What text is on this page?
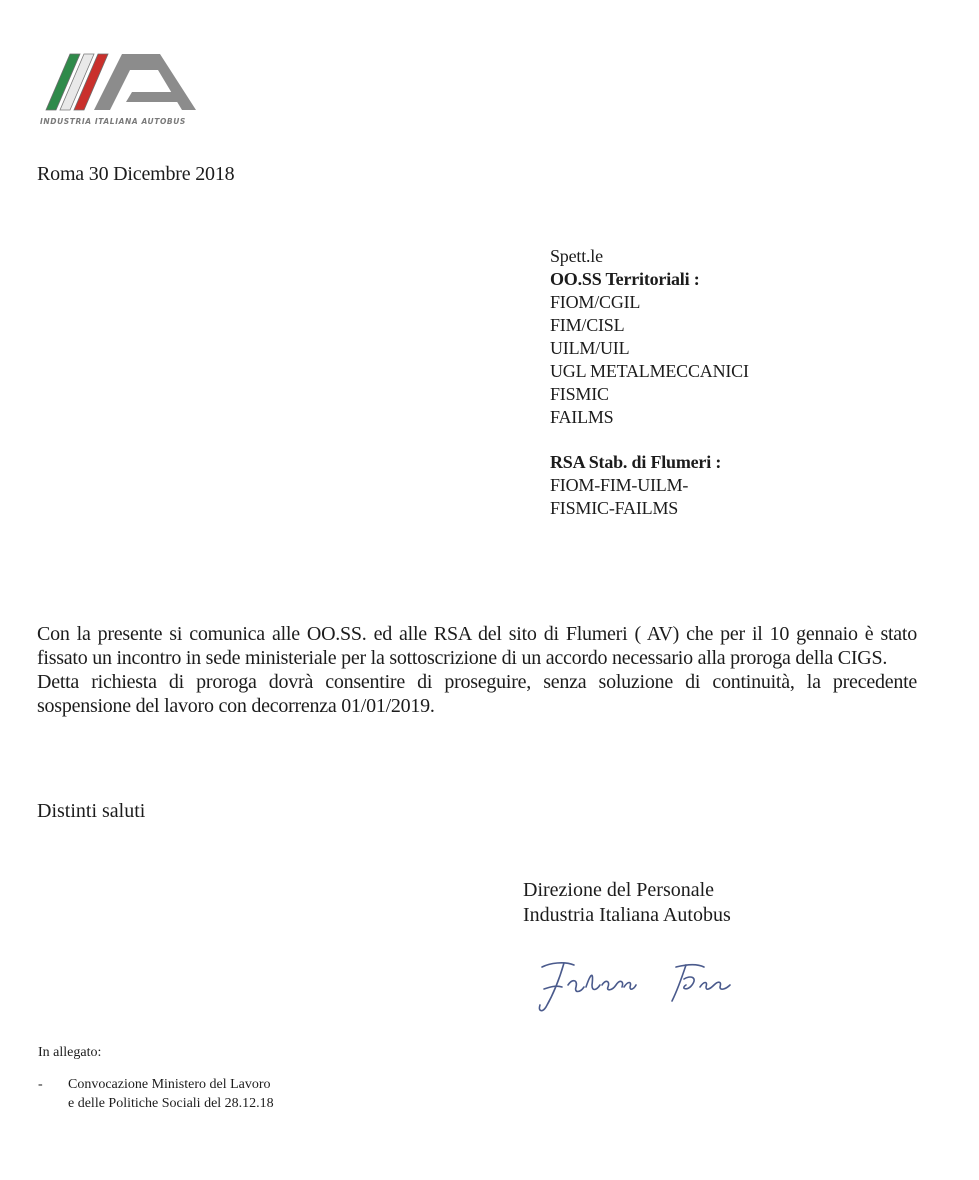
INDUSTRIA ITALIANA AUTOBUS
Roma 30 Dicembre 2018
Spett.le
OO.SS Territoriali :
FIOM/CGIL
FIM/CISL
UILM/UIL
UGL METALMECCANICI
FISMIC
FAILMS
RSA Stab. di Flumeri :
FIOM-FIM-UILM-
FISMIC-FAILMS

Con la presente si comunica alle OO.SS. ed alle RSA del sito di Flumeri ( AV) che per il 10 gennaio è stato fissato un incontro in sede ministeriale per la sottoscrizione di un accordo necessario alla proroga della CIGS.

Detta richiesta di proroga dovrà consentire di proseguire, senza soluzione di continuità, la precedente sospensione del lavoro con decorrenza 01/01/2019.

Distinti saluti
Direzione del Personale
Industria Italiana Autobus
In allegato:
-	Convocazione Ministero del Lavoro
e delle Politiche Sociali del 28.12.18
